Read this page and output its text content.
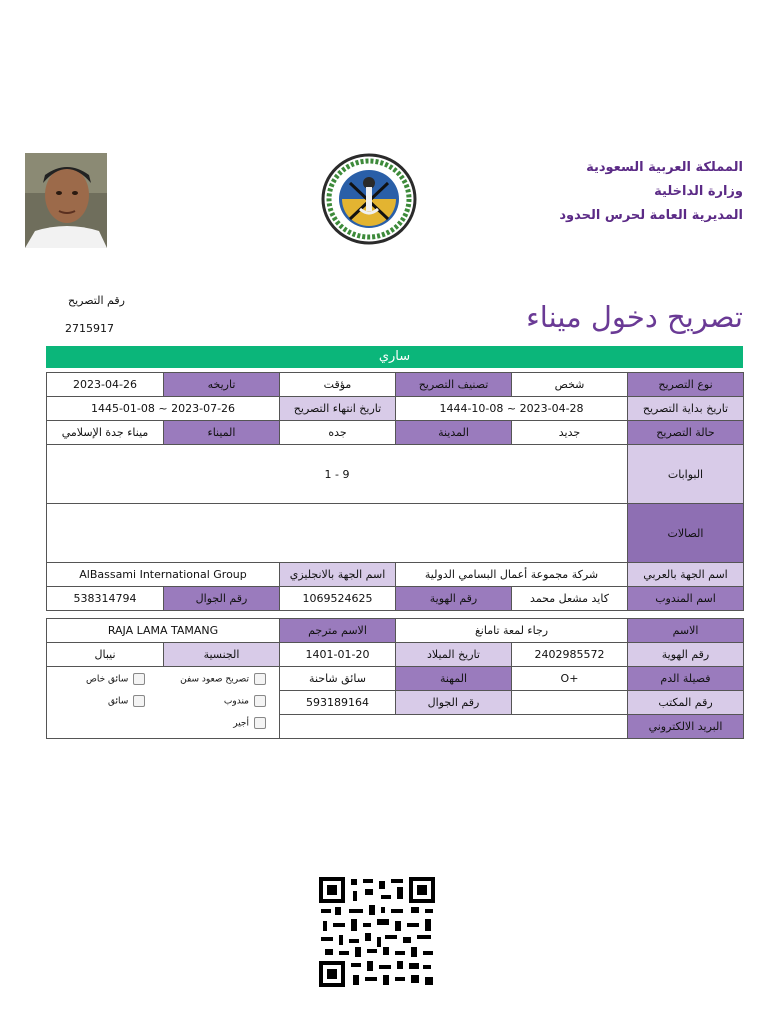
المملكة العربية السعودية
وزارة الداخلية
المديرية العامة لحرس الحدود
رقم التصريح
2715917	تصريح دخول ميناء
ساري
نوع التصريح	شخص	تصنيف التصريح	مؤقت	تاريخه	2023-04-26
تاريخ بداية التصريح	2023-04-28 ~ 1444-10-08		تاريخ انتهاء التصريح	2023-07-26 ~ 1445-01-08	
حالة التصريح	جديد	المدينة	جده	الميناء	ميناء جدة الإسلامي
البوابات	9 - 1				
الصالات					
اسم الجهة بالعربي	شركة مجموعة أعمال البسامي الدولية		اسم الجهة بالانجليزي	AlBassami International Group	
اسم المندوب	كايد مشعل محمد	رقم الهوية	1069524625	رقم الجوال	538314794
الاسم	رجاء لمعة تامانغ		الاسم مترجم	RAJA LAMA TAMANG	
رقم الهوية	2402985572	تاريخ الميلاد	1401-01-20	الجنسية	نيبال
فصيلة الدم	+O	المهنة	سائق شاحنة		
رقم المكتب		رقم الجوال	593189164		
البريد الالكتروني					
تصريح صعود سفن
سائق خاص
مندوب
سائق
أجير
